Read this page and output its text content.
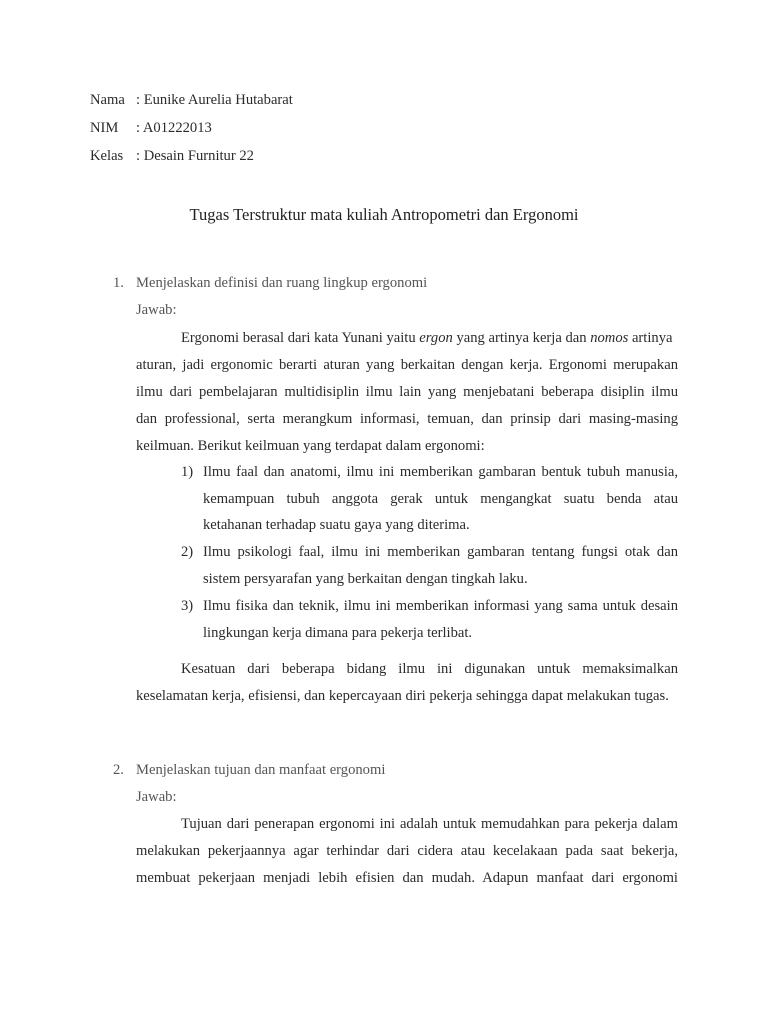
Nama : Eunike Aurelia Hutabarat
NIM : A01222013
Kelas : Desain Furnitur 22
Tugas Terstruktur mata kuliah Antropometri dan Ergonomi
1. Menjelaskan definisi dan ruang lingkup ergonomi
Jawab:
Ergonomi berasal dari kata Yunani yaitu ergon yang artinya kerja dan nomos artinya
aturan, jadi ergonomic berarti aturan yang berkaitan dengan kerja. Ergonomi merupakan
ilmu dari pembelajaran multidisiplin ilmu lain yang menjebatani beberapa disiplin ilmu
dan professional, serta merangkum informasi, temuan, dan prinsip dari masing-masing
keilmuan. Berikut keilmuan yang terdapat dalam ergonomi:
1) Ilmu faal dan anatomi, ilmu ini memberikan gambaran bentuk tubuh manusia,
kemampuan tubuh anggota gerak untuk mengangkat suatu benda atau
ketahanan terhadap suatu gaya yang diterima.
2) Ilmu psikologi faal, ilmu ini memberikan gambaran tentang fungsi otak dan
sistem persyarafan yang berkaitan dengan tingkah laku.
3) Ilmu fisika dan teknik, ilmu ini memberikan informasi yang sama untuk desain
lingkungan kerja dimana para pekerja terlibat.
Kesatuan dari beberapa bidang ilmu ini digunakan untuk memaksimalkan
keselamatan kerja, efisiensi, dan kepercayaan diri pekerja sehingga dapat melakukan tugas.
2. Menjelaskan tujuan dan manfaat ergonomi
Jawab:
Tujuan dari penerapan ergonomi ini adalah untuk memudahkan para pekerja dalam
melakukan pekerjaannya agar terhindar dari cidera atau kecelakaan pada saat bekerja,
membuat pekerjaan menjadi lebih efisien dan mudah. Adapun manfaat dari ergonomi
